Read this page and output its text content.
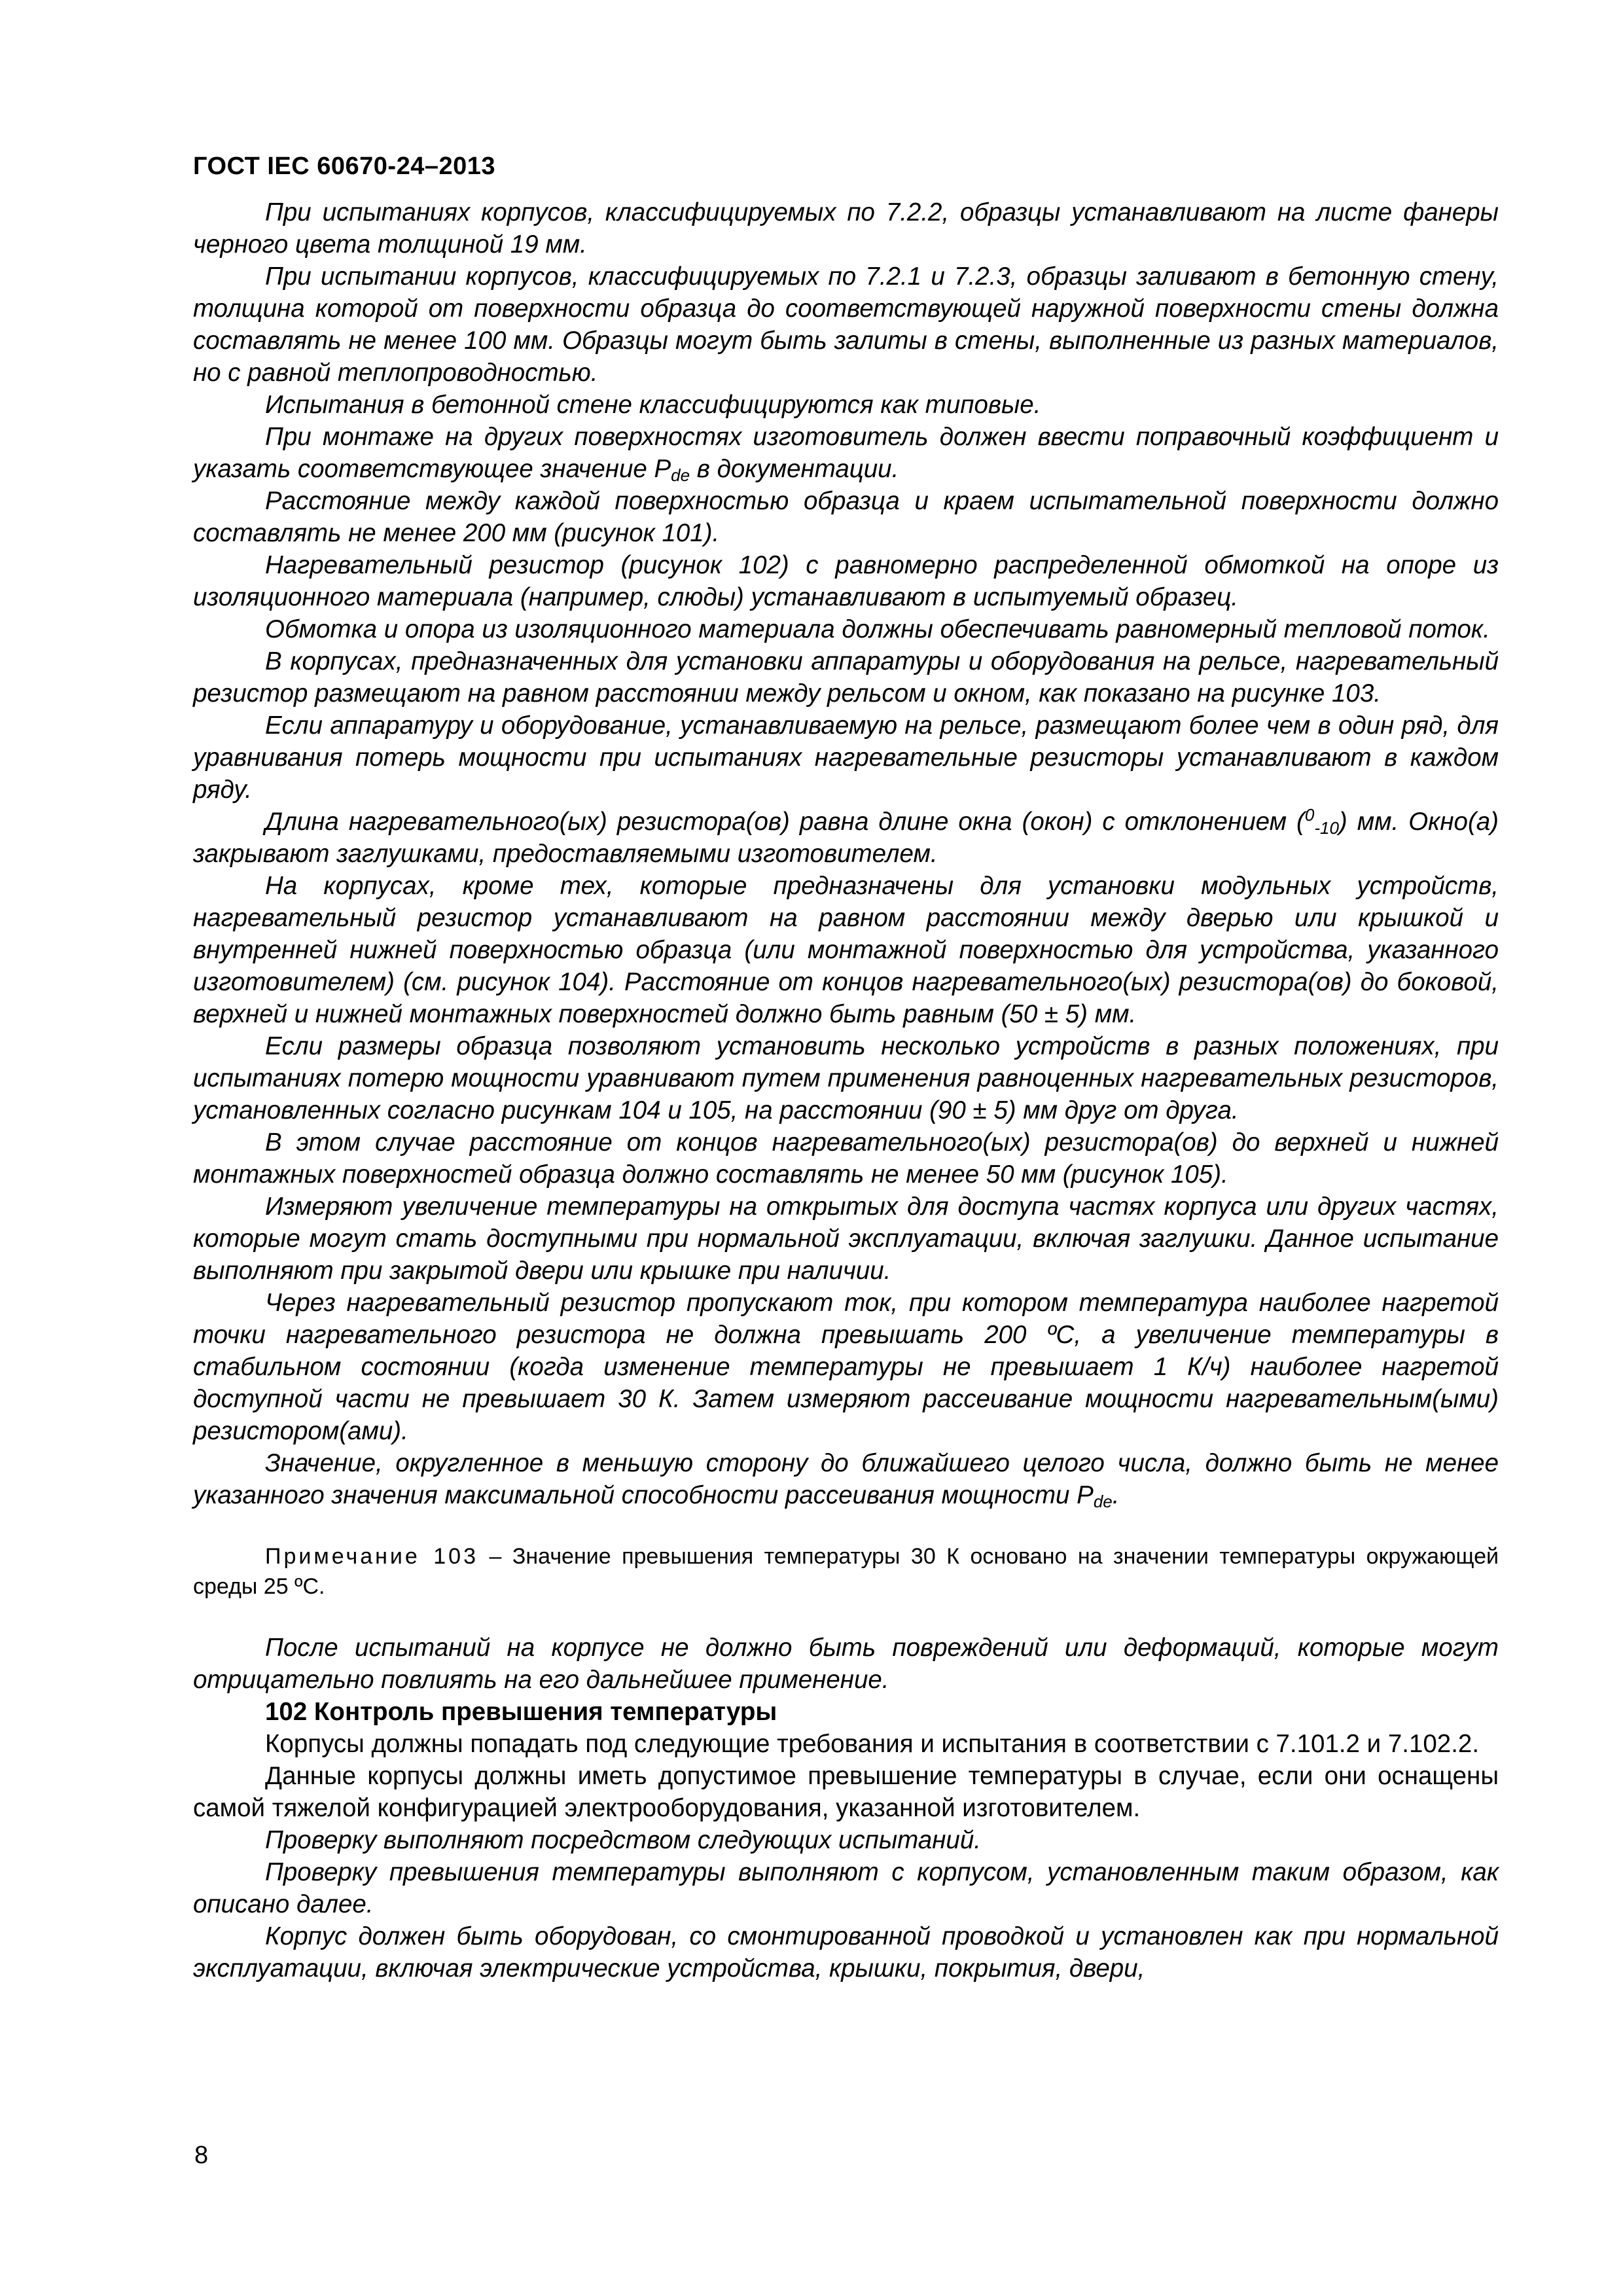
ГОСТ IEC 60670-24–2013

При испытаниях корпусов, классифицируемых по 7.2.2, образцы устанавливают на листе фанеры черного цвета толщиной 19 мм.

При испытании корпусов, классифицируемых по 7.2.1 и 7.2.3, образцы заливают в бетонную стену, толщина которой от поверхности образца до соответствующей наружной поверхности стены должна составлять не менее 100 мм. Образцы могут быть залиты в стены, выполненные из разных материалов, но с равной теплопроводностью.

Испытания в бетонной стене классифицируются как типовые.

При монтаже на других поверхностях изготовитель должен ввести поправочный коэффициент и указать соответствующее значение $P_{de}$ в документации.

Расстояние между каждой поверхностью образца и краем испытательной поверхности должно составлять не менее 200 мм (рисунок 101).

Нагревательный резистор (рисунок 102) с равномерно распределенной обмоткой на опоре из изоляционного материала (например, слюды) устанавливают в испытуемый образец.

Обмотка и опора из изоляционного материала должны обеспечивать равномерный тепловой поток.

В корпусах, предназначенных для установки аппаратуры и оборудования на рельсе, нагревательный резистор размещают на равном расстоянии между рельсом и окном, как показано на рисунке 103.

Если аппаратуру и оборудование, устанавливаемую на рельсе, размещают более чем в один ряд, для уравнивания потерь мощности при испытаниях нагревательные резисторы устанавливают в каждом ряду.

Длина нагревательного(ых) резистора(ов) равна длине окна (окон) с отклонением ($^0_{-10}$) мм. Окно(а) закрывают заглушками, предоставляемыми изготовителем.

На корпусах, кроме тех, которые предназначены для установки модульных устройств, нагревательный резистор устанавливают на равном расстоянии между дверью или крышкой и внутренней нижней поверхностью образца (или монтажной поверхностью для устройства, указанного изготовителем) (см. рисунок 104). Расстояние от концов нагревательного(ых) резистора(ов) до боковой, верхней и нижней монтажных поверхностей должно быть равным (50 ± 5) мм.

Если размеры образца позволяют установить несколько устройств в разных положениях, при испытаниях потерю мощности уравнивают путем применения равноценных нагревательных резисторов, установленных согласно рисункам 104 и 105, на расстоянии (90 ± 5) мм друг от друга.

В этом случае расстояние от концов нагревательного(ых) резистора(ов) до верхней и нижней монтажных поверхностей образца должно составлять не менее 50 мм (рисунок 105).

Измеряют увеличение температуры на открытых для доступа частях корпуса или других частях, которые могут стать доступными при нормальной эксплуатации, включая заглушки. Данное испытание выполняют при закрытой двери или крышке при наличии.

Через нагревательный резистор пропускают ток, при котором температура наиболее нагретой точки нагревательного резистора не должна превышать 200 ºС, а увеличение температуры в стабильном состоянии (когда изменение температуры не превышает 1 К/ч) наиболее нагретой доступной части не превышает 30 К. Затем измеряют рассеивание мощности нагревательным(ыми) резистором(ами).

Значение, округленное в меньшую сторону до ближайшего целого числа, должно быть не менее указанного значения максимальной способности рассеивания мощности $P_{de}$.

Примечание 103 – Значение превышения температуры 30 К основано на значении температуры окружающей среды 25 ºС.

После испытаний на корпусе не должно быть повреждений или деформаций, которые могут отрицательно повлиять на его дальнейшее применение.

102 Контроль превышения температуры

Корпусы должны попадать под следующие требования и испытания в соответствии с 7.101.2 и 7.102.2.

Данные корпусы должны иметь допустимое превышение температуры в случае, если они оснащены самой тяжелой конфигурацией электрооборудования, указанной изготовителем.

Проверку выполняют посредством следующих испытаний.

Проверку превышения температуры выполняют с корпусом, установленным таким образом, как описано далее.

Корпус должен быть оборудован, со смонтированной проводкой и установлен как при нормальной эксплуатации, включая электрические устройства, крышки, покрытия, двери,

8
